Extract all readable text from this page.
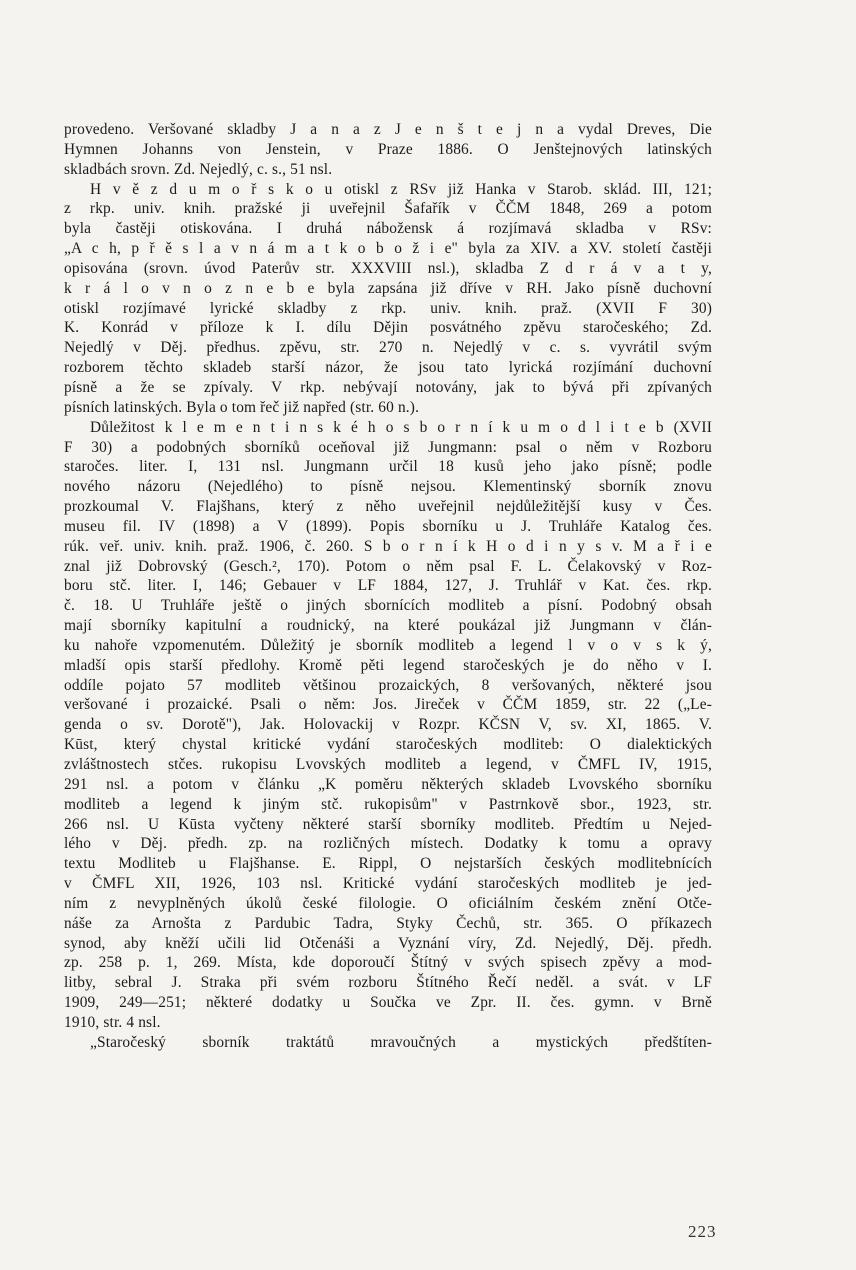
provedeno. Veršované skladby J a n a z J e n š t e j n a vydal Dreves, Die
Hymnen Johanns von Jenstein, v Praze 1886. O Jenštejnových latinských
skladbách srovn. Zd. Nejedlý, c. s., 51 nsl.
H v ě z d u m o ř s k o u otiskl z RSv již Hanka v Starob. sklád. III, 121;
z rkp. univ. knih. pražské ji uveřejnil Šafařík v ČČM 1848, 269 a potom
byla častěji otiskována. I druhá nábožensk á rozjímavá skladba v RSv:
„A c h, p ř ě s l a v n á m a t k o b o ž i e" byla za XIV. a XV. století častěji
opisována (srovn. úvod Paterův str. XXXVIII nsl.), skladba Z d r á v a t y,
k r á l o v n o z n e b e byla zapsána již dříve v RH. Jako písně duchovní
otiskl rozjímavé lyrické skladby z rkp. univ. knih. praž. (XVII F 30)
K. Konrád v příloze k I. dílu Dějin posvátného zpěvu staročeského; Zd.
Nejedlý v Děj. předhus. zpěvu, str. 270 n. Nejedlý v c. s. vyvrátil svým
rozborem těchto skladeb starší názor, že jsou tato lyrická rozjímání duchovní
písně a že se zpívaly. V rkp. nebývají notovány, jak to bývá při zpívaných
písních latinských. Byla o tom řeč již napřed (str. 60 n.).
Důležitost k l e m e n t i n s k é h o s b o r n í k u m o d l i t e b (XVII
F 30) a podobných sborníků oceňoval již Jungmann: psal o něm v Rozboru
staročes. liter. I, 131 nsl. Jungmann určil 18 kusů jeho jako písně; podle
nového názoru (Nejedlého) to písně nejsou. Klementinský sborník znovu
prozkoumal V. Flajšhans, který z něho uveřejnil nejdůležitější kusy v Čes.
museu fil. IV (1898) a V (1899). Popis sborníku u J. Truhláře Katalog čes.
rúk. veř. univ. knih. praž. 1906, č. 260. S b o r n í k H o d i n y s v. M a ř i e
znal již Dobrovský (Gesch.², 170). Potom o něm psal F. L. Čelakovský v Roz-
boru stč. liter. I, 146; Gebauer v LF 1884, 127, J. Truhlář v Kat. čes. rkp.
č. 18. U Truhláře ještě o jiných sbornících modliteb a písní. Podobný obsah
mají sborníky kapitulní a roudnický, na které poukázal již Jungmann v člán-
ku nahoře vzpomenutém. Důležitý je sborník modliteb a legend l v o v s k ý,
mladší opis starší předlohy. Kromě pěti legend staročeských je do něho v I.
oddíle pojato 57 modliteb většinou prozaických, 8 veršovaných, některé jsou
veršované i prozaické. Psali o něm: Jos. Jireček v ČČM 1859, str. 22 („Le-
genda o sv. Dorotě"), Jak. Holovackij v Rozpr. KČSN V, sv. XI, 1865. V.
Kūst, který chystal kritické vydání staročeských modliteb: O dialektických
zvláštnostech stčes. rukopisu Lvovských modliteb a legend, v ČMFL IV, 1915,
291 nsl. a potom v článku „K poměru některých skladeb Lvovského sborníku
modliteb a legend k jiným stč. rukopisům" v Pastrnkově sbor., 1923, str.
266 nsl. U Kūsta vyčteny některé starší sborníky modliteb. Předtím u Nejed-
lého v Děj. předh. zp. na rozličných místech. Dodatky k tomu a opravy
textu Modliteb u Flajšhanse. E. Rippl, O nejstarších českých modlitebnících
v ČMFL XII, 1926, 103 nsl. Kritické vydání staročeských modliteb je jed-
ním z nevyplněných úkolů české filologie. O oficiálním českém znění Otče-
náše za Arnošta z Pardubic Tadra, Styky Čechů, str. 365. O příkazech
synod, aby kněží učili lid Otčenáši a Vyznání víry, Zd. Nejedlý, Děj. předh.
zp. 258 p. 1, 269. Místa, kde doporoučí Štítný v svých spisech zpěvy a mod-
litby, sebral J. Straka při svém rozboru Štítného Řečí neděl. a svát. v LF
1909, 249—251; některé dodatky u Součka ve Zpr. II. čes. gymn. v Brně
1910, str. 4 nsl.
„Staročeský sborník traktátů mravoučných a mystických předštíten-
223
